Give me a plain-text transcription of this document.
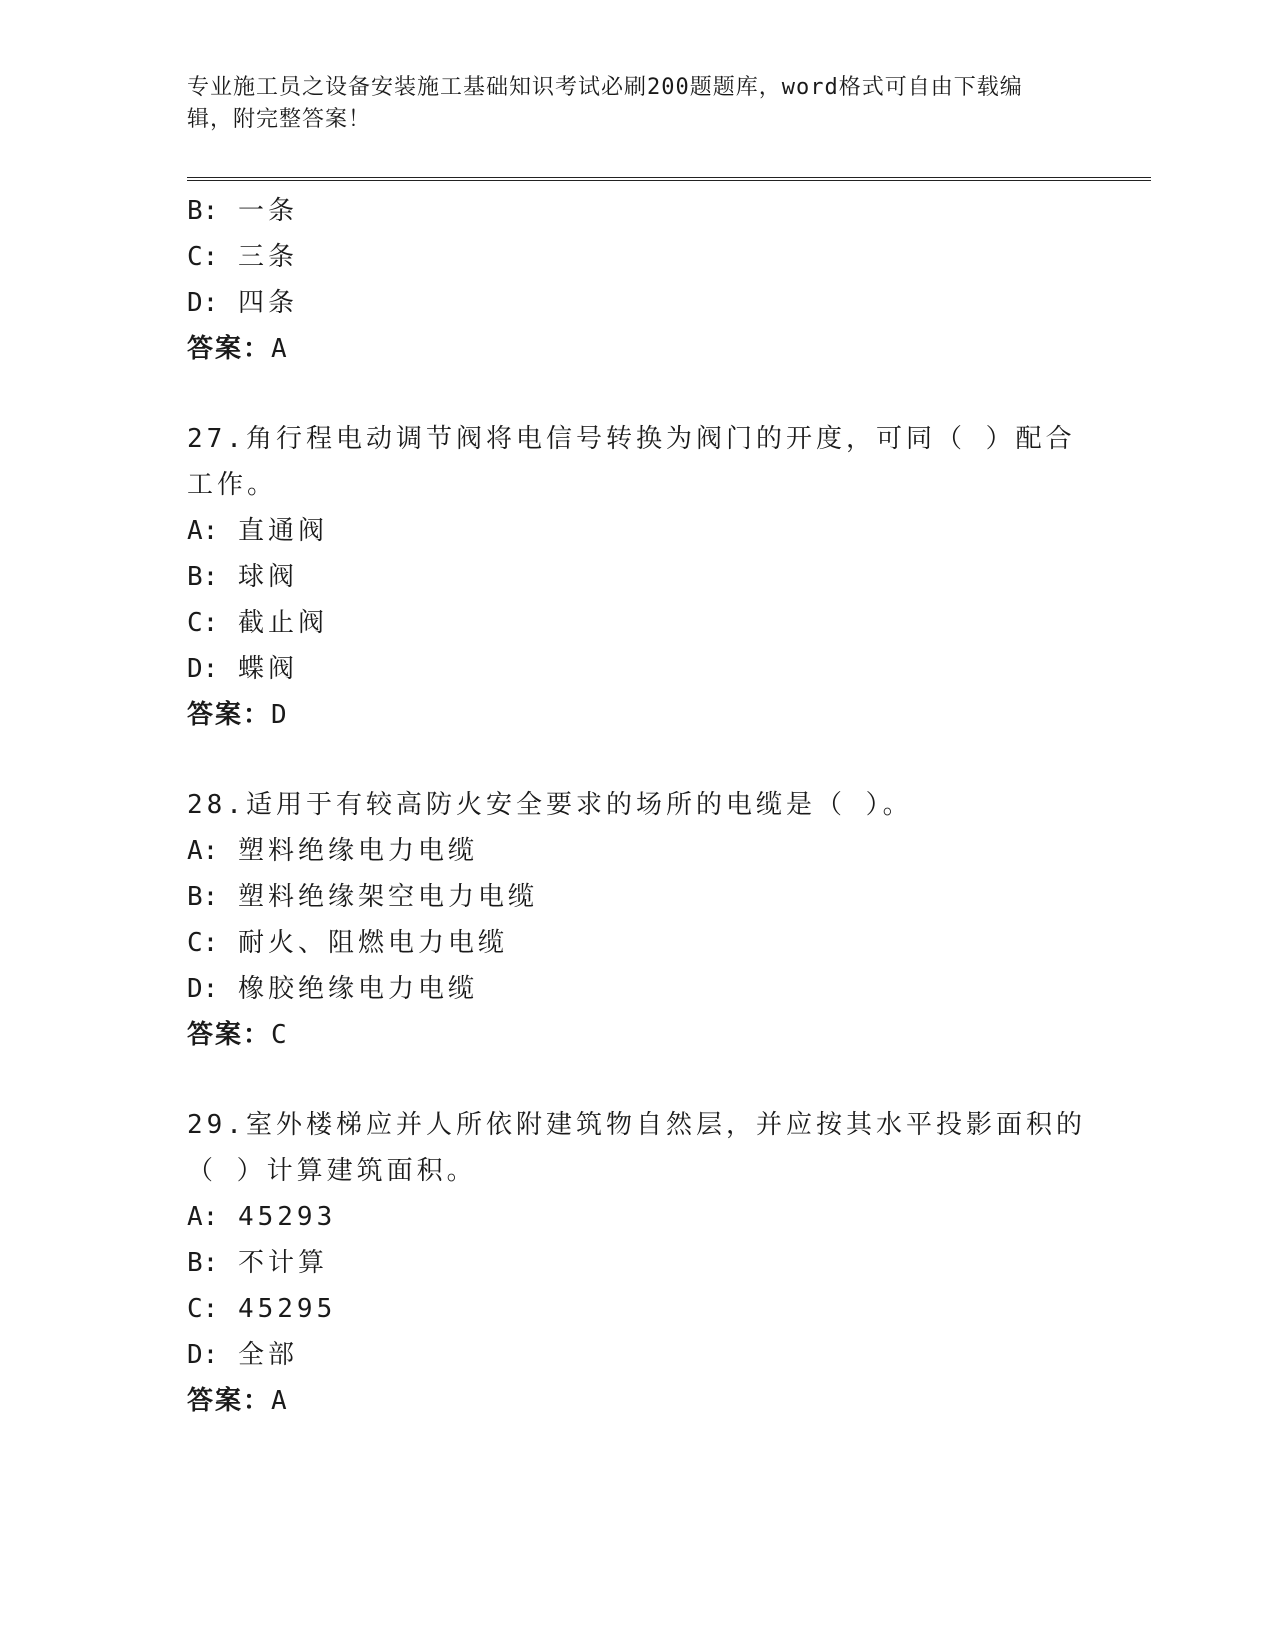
专业施工员之设备安装施工基础知识考试必刷200题题库，word格式可自由下载编辑，附完整答案！
B: 一条
C: 三条
D: 四条
答案：A
27.角行程电动调节阀将电信号转换为阀门的开度，可同（ ）配合工作。
A: 直通阀
B: 球阀
C: 截止阀
D: 蝶阀
答案：D
28.适用于有较高防火安全要求的场所的电缆是（ ）。
A: 塑料绝缘电力电缆
B: 塑料绝缘架空电力电缆
C: 耐火、阻燃电力电缆
D: 橡胶绝缘电力电缆
答案：C
29.室外楼梯应并人所依附建筑物自然层，并应按其水平投影面积的（ ）计算建筑面积。
A: 45293
B: 不计算
C: 45295
D: 全部
答案：A
